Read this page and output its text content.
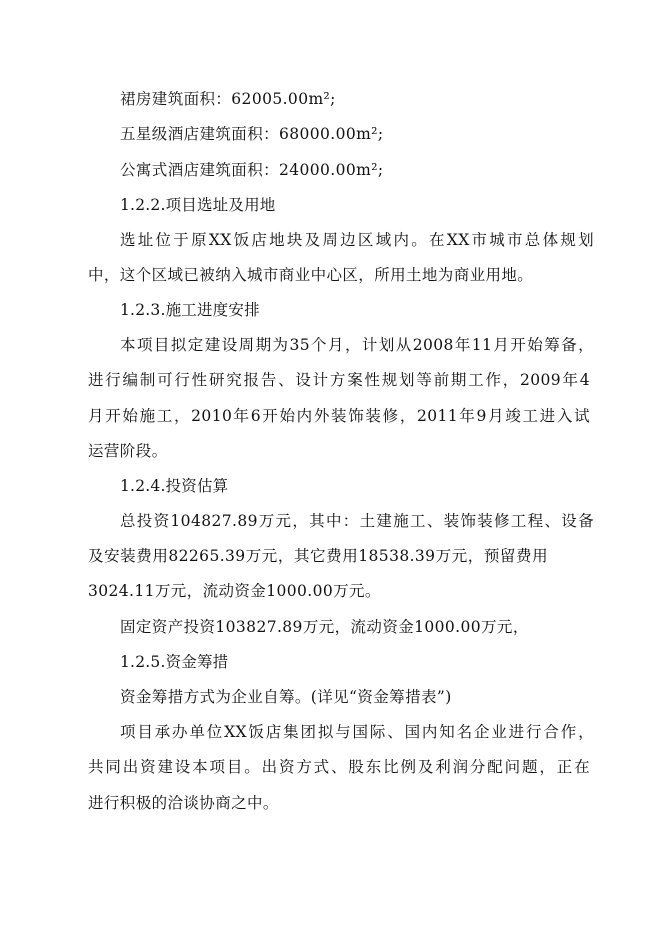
裙房建筑面积：62005.00m²;
五星级酒店建筑面积：68000.00m²;
公寓式酒店建筑面积：24000.00m²;
1.2.2.项目选址及用地
选址位于原XX饭店地块及周边区域内。在XX市城市总体规划
中，这个区域已被纳入城市商业中心区，所用土地为商业用地。
1.2.3.施工进度安排
本项目拟定建设周期为35个月，计划从2008年11月开始筹备，
进行编制可行性研究报告、设计方案性规划等前期工作，2009年4
月开始施工，2010年6开始内外装饰装修，2011年9月竣工进入试
运营阶段。
1.2.4.投资估算
总投资104827.89万元，其中：土建施工、装饰装修工程、设备
及安装费用82265.39万元，其它费用18538.39万元，预留费用
3024.11万元，流动资金1000.00万元。
固定资产投资103827.89万元，流动资金1000.00万元，
1.2.5.资金筹措
资金筹措方式为企业自筹。(详见“资金筹措表”)
项目承办单位XX饭店集团拟与国际、国内知名企业进行合作，
共同出资建设本项目。出资方式、股东比例及利润分配问题，正在
进行积极的洽谈协商之中。
